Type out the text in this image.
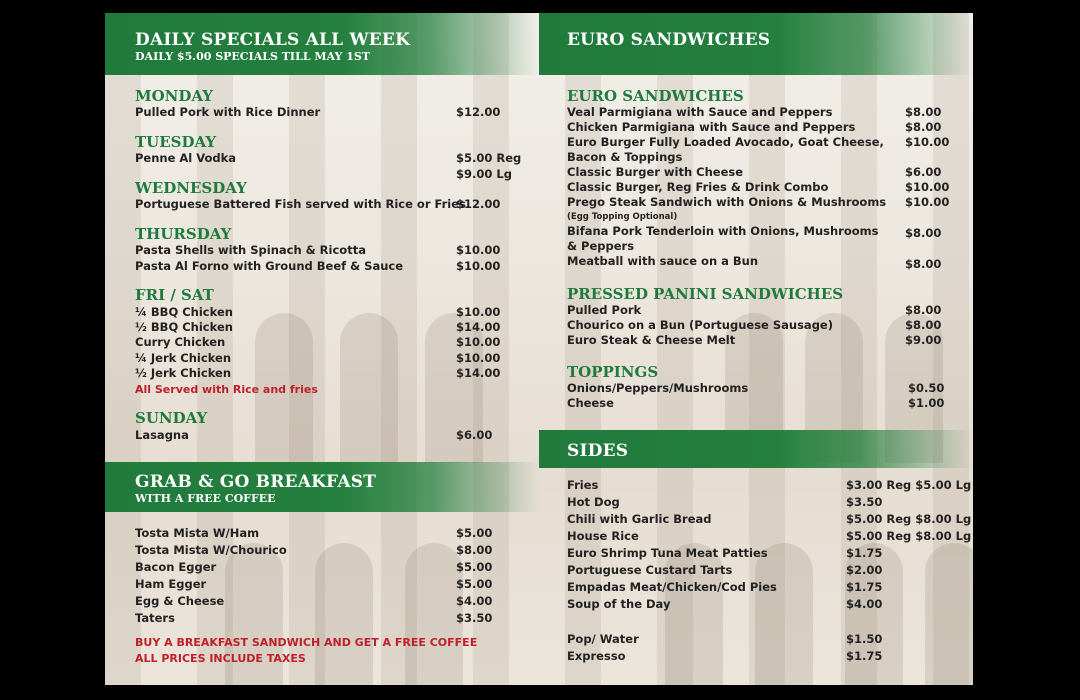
DAILY SPECIALS ALL WEEK
DAILY $5.00 SPECIALS TILL MAY 1ST
MONDAY
Pulled Pork with Rice Dinner	$12.00
TUESDAY
Penne Al Vodka	$5.00 Reg
$9.00 Lg
WEDNESDAY
Portuguese Battered Fish served with Rice or Fries
$12.00
THURSDAY
Pasta Shells with Spinach & Ricotta	$10.00
Pasta Al Forno with Ground Beef & Sauce	$10.00
FRI / SAT
¼ BBQ Chicken	$10.00
½ BBQ Chicken	$14.00
Curry Chicken	$10.00
¼ Jerk Chicken	$10.00
½ Jerk Chicken	$14.00
All Served with Rice and fries
SUNDAY
Lasagna	$6.00
GRAB & GO BREAKFAST
WITH A FREE COFFEE
Tosta Mista W/Ham	$5.00
Tosta Mista W/Chourico	$8.00
Bacon Egger	$5.00
Ham Egger	$5.00
Egg & Cheese	$4.00
Taters	$3.50
BUY A BREAKFAST SANDWICH AND GET A FREE COFFEE
ALL PRICES INCLUDE TAXES
EURO SANDWICHES
EURO SANDWICHES
Veal Parmigiana with Sauce and Peppers	$8.00
Chicken Parmigiana with Sauce and Peppers	$8.00
Euro Burger Fully Loaded Avocado, Goat Cheese, $10.00
Bacon & Toppings
Classic Burger with Cheese	$6.00
Classic Burger, Reg Fries & Drink Combo	$10.00
Prego Steak Sandwich with Onions & Mushrooms $10.00
(Egg Topping Optional)
Bifana Pork Tenderloin with Onions, Mushrooms $8.00
& Peppers
Meatball with sauce on a Bun	$8.00
PRESSED PANINI SANDWICHES
Pulled Pork	$8.00
Chourico on a Bun (Portuguese Sausage)	$8.00
Euro Steak & Cheese Melt	$9.00
TOPPINGS
Onions/Peppers/Mushrooms	$0.50
Cheese	$1.00
SIDES
Fries	$3.00 Reg $5.00 Lg
Hot Dog	$3.50
Chili with Garlic Bread	$5.00 Reg $8.00 Lg
House Rice	$5.00 Reg $8.00 Lg
Euro Shrimp Tuna Meat Patties	$1.75
Portuguese Custard Tarts	$2.00
Empadas Meat/Chicken/Cod Pies	$1.75
Soup of the Day	$4.00
Pop/ Water	$1.50
Expresso	$1.75
